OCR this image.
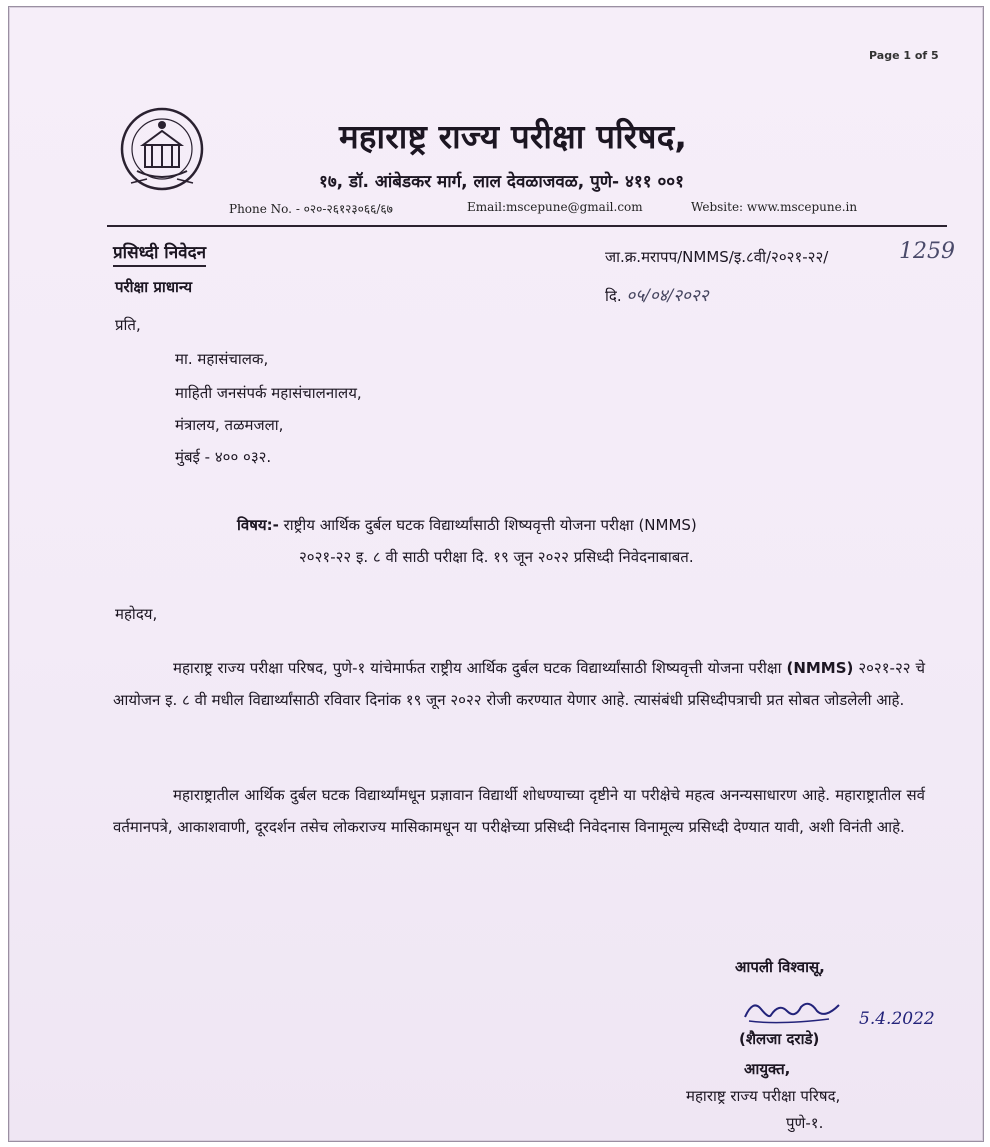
Page 1 of 5
महाराष्ट्र राज्य परीक्षा परिषद,
१७, डॉ. आंबेडकर मार्ग, लाल देवळाजवळ, पुणे- ४११ ००१
Phone No. - ०२०-२६१२३०६६/६७	Email:mscepune@gmail.com	Website: www.mscepune.in
प्रसिध्दी निवेदन
परीक्षा प्राधान्य
जा.क्र.मरापप/NMMS/इ.८वी/२०२१-२२/	1259
दि. ०५/०४/२०२२
प्रति,
मा. महासंचालक,
माहिती जनसंपर्क महासंचालनालय,
मंत्रालय, तळमजला,
मुंबई - ४०० ०३२.
विषय:- राष्ट्रीय आर्थिक दुर्बल घटक विद्यार्थ्यांसाठी शिष्यवृत्ती योजना परीक्षा (NMMS)
२०२१-२२ इ. ८ वी साठी परीक्षा दि. १९ जून २०२२ प्रसिध्दी निवेदनाबाबत.
महोदय,
महाराष्ट्र राज्य परीक्षा परिषद, पुणे-१ यांचेमार्फत राष्ट्रीय आर्थिक दुर्बल घटक विद्यार्थ्यांसाठी शिष्यवृत्ती योजना परीक्षा (NMMS) २०२१-२२ चे आयोजन इ. ८ वी मधील विद्यार्थ्यांसाठी रविवार दिनांक १९ जून २०२२ रोजी करण्यात येणार आहे. त्यासंबंधी प्रसिध्दीपत्राची प्रत सोबत जोडलेली आहे.
महाराष्ट्रातील आर्थिक दुर्बल घटक विद्यार्थ्यांमधून प्रज्ञावान विद्यार्थी शोधण्याच्या दृष्टीने या परीक्षेचे महत्व अनन्यसाधारण आहे. महाराष्ट्रातील सर्व वर्तमानपत्रे, आकाशवाणी, दूरदर्शन तसेच लोकराज्य मासिकामधून या परीक्षेच्या प्रसिध्दी निवेदनास विनामूल्य प्रसिध्दी देण्यात यावी, अशी विनंती आहे.
आपली विश्वासू,
5.4.2022
(शैलजा दराडे)
आयुक्त,
महाराष्ट्र राज्य परीक्षा परिषद,
पुणे-१.
